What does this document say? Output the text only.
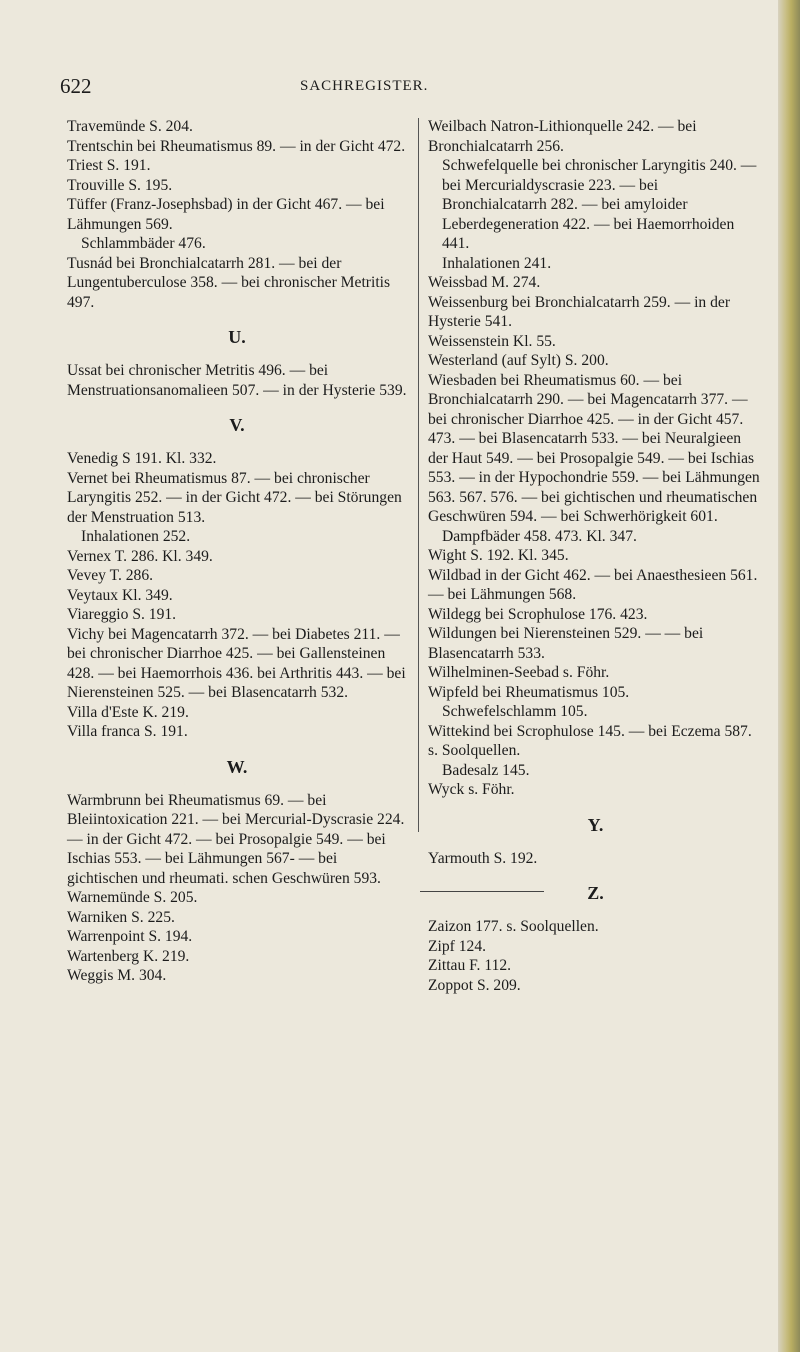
622	SACHREGISTER.

Travemünde S. 204.

Trentschin bei Rheumatismus 89. — in der Gicht 472.

Triest S. 191.

Trouville S. 195.

Tüffer (Franz-Josephsbad) in der Gicht 467. — bei Lähmungen 569.

Schlammbäder 476.

Tusnád bei Bronchialcatarrh 281. — bei der Lungentuberculose 358. — bei chronischer Metritis 497.

U.

Ussat bei chronischer Metritis 496. — bei Menstruationsanomalieen 507. — in der Hysterie 539.

V.

Venedig S 191. Kl. 332.

Vernet bei Rheumatismus 87. — bei chronischer Laryngitis 252. — in der Gicht 472. — bei Störungen der Menstruation 513.

Inhalationen 252.

Vernex T. 286. Kl. 349.

Vevey T. 286.

Veytaux Kl. 349.

Viareggio S. 191.

Vichy bei Magencatarrh 372. — bei Diabetes 211. — bei chronischer Diarrhoe 425. — bei Gallensteinen 428. — bei Haemorrhois 436. bei Arthritis 443. — bei Nierensteinen 525. — bei Blasencatarrh 532.

Villa d'Este K. 219.

Villa franca S. 191.

W.

Warmbrunn bei Rheumatismus 69. — bei Bleiintoxication 221. — bei Mercurial-Dyscrasie 224. — in der Gicht 472. — bei Prosopalgie 549. — bei Ischias 553. — bei Lähmungen 567- — bei gichtischen und rheumati. schen Geschwüren 593.

Warnemünde S. 205.

Warniken S. 225.

Warrenpoint S. 194.

Wartenberg K. 219.

Weggis M. 304.

Weilbach Natron-Lithionquelle 242. — bei Bronchialcatarrh 256.

Schwefelquelle bei chronischer Laryngitis 240. — bei Mercurialdyscrasie 223. — bei Bronchialcatarrh 282. — bei amyloider Leberdegeneration 422. — bei Haemorrhoiden 441.

Inhalationen 241.

Weissbad M. 274.

Weissenburg bei Bronchialcatarrh 259. — in der Hysterie 541.

Weissenstein Kl. 55.

Westerland (auf Sylt) S. 200.

Wiesbaden bei Rheumatismus 60. — bei Bronchialcatarrh 290. — bei Magencatarrh 377. — bei chronischer Diarrhoe 425. — in der Gicht 457. 473. — bei Blasencatarrh 533. — bei Neuralgieen der Haut 549. — bei Prosopalgie 549. — bei Ischias 553. — in der Hypochondrie 559. — bei Lähmungen 563. 567. 576. — bei gichtischen und rheumatischen Geschwüren 594. — bei Schwerhörigkeit 601.

Dampfbäder 458. 473. Kl. 347.

Wight S. 192. Kl. 345.

Wildbad in der Gicht 462. — bei Anaesthesieen 561. — bei Lähmungen 568.

Wildegg bei Scrophulose 176. 423.

Wildungen bei Nierensteinen 529. — — bei Blasencatarrh 533.

Wilhelminen-Seebad s. Föhr.

Wipfeld bei Rheumatismus 105.

Schwefelschlamm 105.

Wittekind bei Scrophulose 145. — bei Eczema 587. s. Soolquellen.

Badesalz 145.

Wyck s. Föhr.

Y.

Yarmouth S. 192.

Z.

Zaizon 177. s. Soolquellen.

Zipf 124.

Zittau F. 112.

Zoppot S. 209.
